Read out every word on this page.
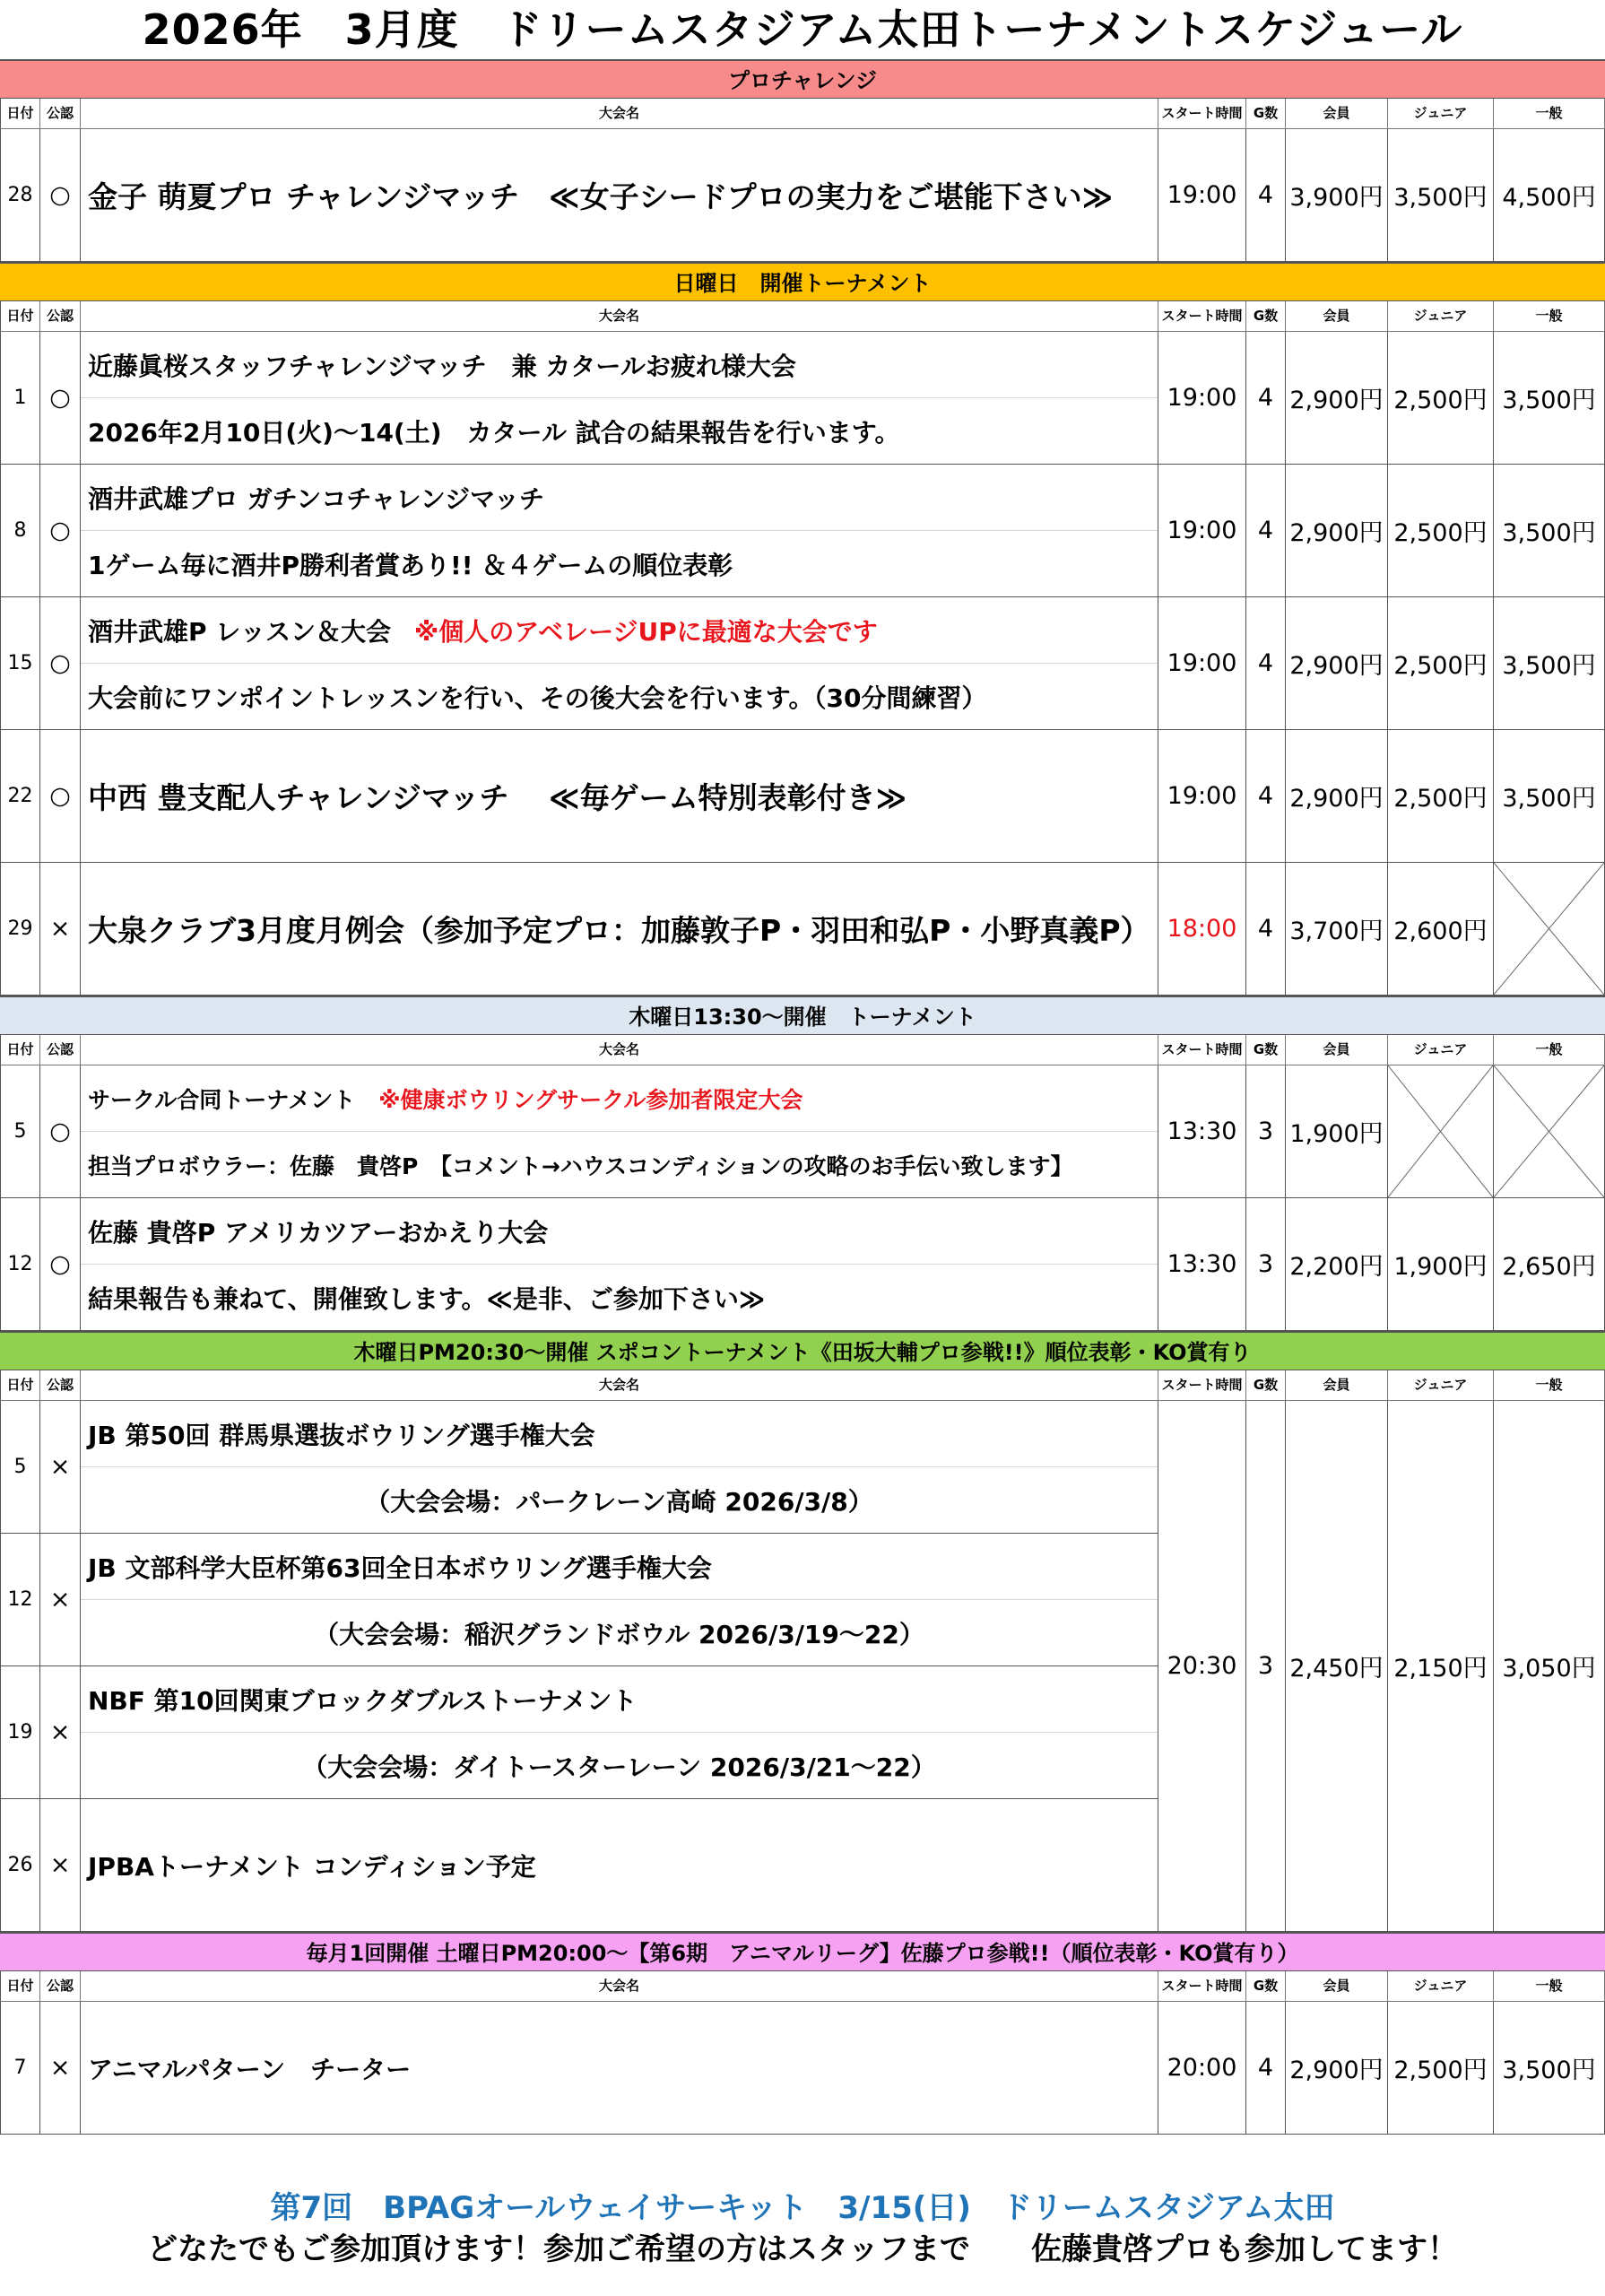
2026年　3月度　ドリームスタジアム太田トーナメントスケジュール
プロチャレンジ
日付 公認	大会名	スタート時間 G数	会員	ジュニア	一般
28 ○ 金子 萌夏プロ チャレンジマッチ　≪女子シードプロの実力をご堪能下さい≫	19:00 4 3,900円 3,500円 4,500円
日曜日　開催トーナメント
日付 公認	大会名	スタート時間 G数	会員	ジュニア	一般
1 ○
近藤眞桜スタッフチャレンジマッチ　兼 カタールお疲れ様大会
2026年2月10日(火)～14(土)　カタール 試合の結果報告を行います。
19:00 4 2,900円 2,500円 3,500円
8 ○
酒井武雄プロ ガチンコチャレンジマッチ
1ゲーム毎に酒井P勝利者賞あり!! ＆４ゲームの順位表彰
19:00 4 2,900円 2,500円 3,500円
15 ○
酒井武雄P レッスン＆大会 ※個人のアベレージUPに最適な大会です
大会前にワンポイントレッスンを行い、その後大会を行います。（30分間練習）
19:00 4 2,900円 2,500円 3,500円
22 ○ 中西 豊支配人チャレンジマッチ　 ≪毎ゲーム特別表彰付き≫	19:00 4 2,900円 2,500円 3,500円
29 × 大泉クラブ3月度月例会（参加予定プロ：加藤敦子P・羽田和弘P・小野真義P） 18:00 4 3,700円 2,600円
木曜日13:30～開催　トーナメント
日付 公認	大会名	スタート時間 G数	会員	ジュニア	一般
5 ○
サークル合同トーナメント ※健康ボウリングサークル参加者限定大会
担当プロボウラー：佐藤　貴啓P　【コメント→ハウスコンディションの攻略のお手伝い致します】
13:30 3 1,900円
12 ○
佐藤 貴啓P アメリカツアーおかえり大会
結果報告も兼ねて、開催致します。≪是非、ご参加下さい≫
13:30 3 2,200円 1,900円 2,650円
木曜日PM20:30～開催 スポコントーナメント《田坂大輔プロ参戦!!》順位表彰・KO賞有り
日付 公認	大会名	スタート時間 G数	会員	ジュニア	一般
5 ×
JB 第50回 群馬県選抜ボウリング選手権大会
（大会会場：パークレーン高崎 2026/3/8）
12 ×
JB 文部科学大臣杯第63回全日本ボウリング選手権大会
（大会会場：稲沢グランドボウル 2026/3/19～22）
19 ×
NBF 第10回関東ブロックダブルストーナメント
（大会会場：ダイトースターレーン 2026/3/21～22）
26 × JPBAトーナメント コンディション予定
20:30 3 2,450円 2,150円 3,050円
毎月1回開催 土曜日PM20:00～【第6期　アニマルリーグ】佐藤プロ参戦!!（順位表彰・KO賞有り）
日付 公認	大会名	スタート時間 G数	会員	ジュニア	一般
7 × アニマルパターン　チーター	20:00 4 2,900円 2,500円 3,500円
第7回　BPAGオールウェイサーキット　3/15(日)　ドリームスタジアム太田
どなたでもご参加頂けます！参加ご希望の方はスタッフまで　　佐藤貴啓プロも参加してます！
